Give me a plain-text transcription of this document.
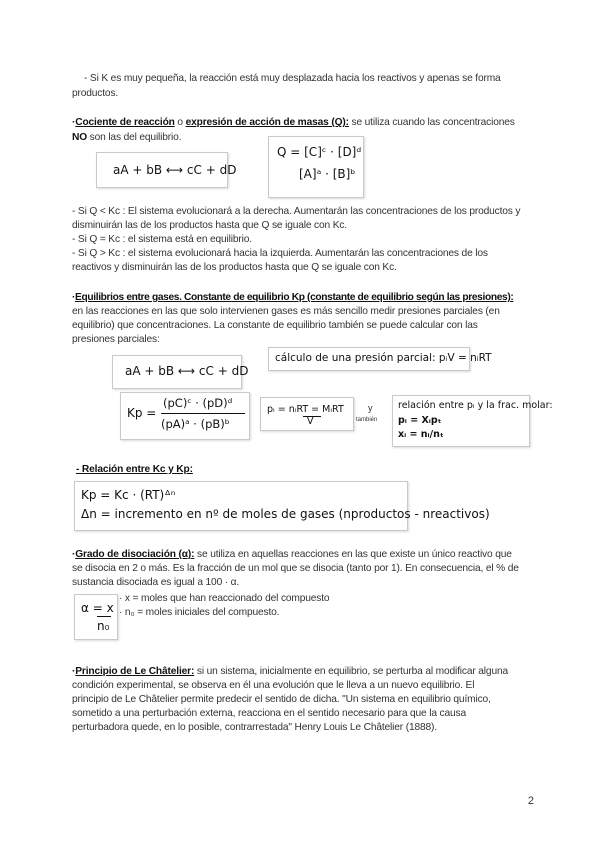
- Si K es muy pequeña, la reacción está muy desplazada hacia los reactivos y apenas se forma
productos.
·Cociente de reacción o expresión de acción de masas (Q): se utiliza cuando las concentraciones
NO son las del equilibrio.
aA + bB ⟷ cC + dD
Q = [C]ᶜ · [D]ᵈ
[A]ᵃ · [B]ᵇ
- Si Q < Kc : El sistema evolucionará a la derecha. Aumentarán las concentraciones de los productos y
disminuirán las de los productos hasta que Q se iguale con Kc.
- Si Q = Kc : el sistema está en equilibrio.
- Si Q > Kc : el sistema evolucionará hacia la izquierda. Aumentarán las concentraciones de los
reactivos y disminuirán las de los productos hasta que Q se iguale con Kc.
·Equilibrios entre gases. Constante de equilibrio Kp (constante de equilibrio según las presiones):
en las reacciones en las que solo intervienen gases es más sencillo medir presiones parciales (en
equilibrio) que concentraciones. La constante de equilibrio también se puede calcular con las
presiones parciales:
cálculo de una presión parcial: pᵢV = nᵢRT
aA + bB ⟷ cC + dD
Kp =
(pC)ᶜ · (pD)ᵈ
(pA)ᵃ · (pB)ᵇ
pᵢ = nᵢRT = MᵢRT
V
y
también
relación entre pᵢ y la frac. molar:
pᵢ = Xᵢpₜ
xᵢ = nᵢ/nₜ
- Relación entre Kc y Kp:
Kp = Kc · (RT)ᐞⁿ
Δn = incremento en nº de moles de gases (nproductos - nreactivos)
·Grado de disociación (α): se utiliza en aquellas reacciones en las que existe un único reactivo que
se disocia en 2 o más. Es la fracción de un mol que se disocia (tanto por 1). En consecuencia, el % de
sustancia disociada es igual a 100 · α.
α = x
n₀
· x = moles que han reaccionado del compuesto
· n₀ = moles iniciales del compuesto.
·Principio de Le Châtelier: si un sistema, inicialmente en equilibrio, se perturba al modificar alguna
condición experimental, se observa en él una evolución que le lleva a un nuevo equilibrio. El
principio de Le Châtelier permite predecir el sentido de dicha. "Un sistema en equilibrio químico,
sometido a una perturbación externa, reacciona en el sentido necesario para que la causa
perturbadora quede, en lo posible, contrarrestada" Henry Louis Le Châtelier (1888).
2
